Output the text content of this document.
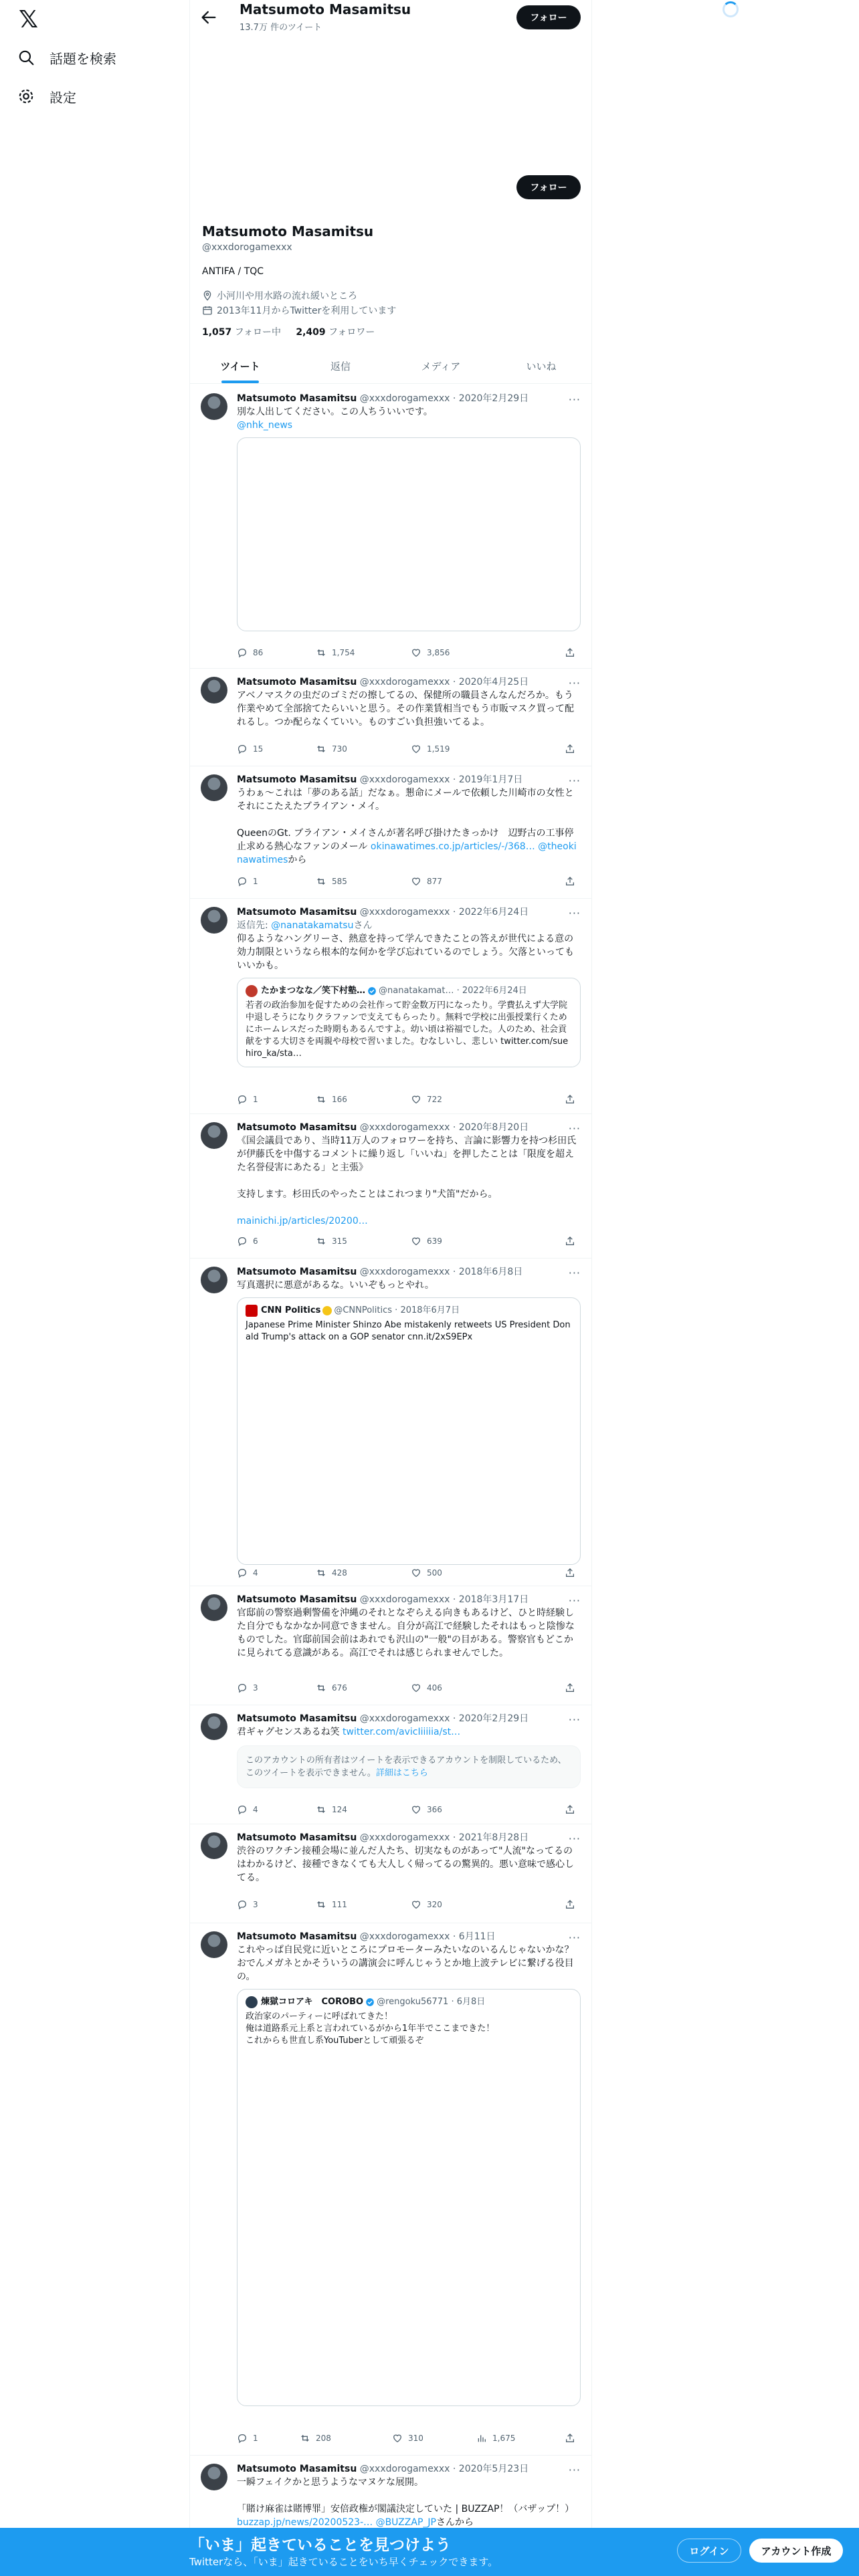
𝕏
話題を検索
設定
Matsumoto Masamitsu
13.7万 件のツイート
フォロー
フォロー
Matsumoto Masamitsu
@xxxdorogamexxx
ANTIFA / TQC
小河川や用水路の流れ緩いところ
2013年11月からTwitterを利用しています
1,057 フォロー中 2,409 フォロワー
ツイート	返信	メディア	いいね
···
Matsumoto Masamitsu @xxxdorogamexxx · 2020年2月29日
別な人出してください。この人ちういいです。
@nhk_news
86	1,754	3,856
···
Matsumoto Masamitsu @xxxdorogamexxx · 2020年4月25日
アベノマスクの虫だのゴミだの擦してるの、保健所の職員さんなんだろか。もう作業やめて全部捨てたらいいと思う。その作業賃相当でもう市販マスク買って配れるし。つか配らなくていい。ものすごい負担強いてるよ。
15	730	1,519
···
Matsumoto Masamitsu @xxxdorogamexxx · 2019年1月7日
うわぁ〜これは「夢のある話」だなぁ。懇命にメールで依頼した川崎市の女性とそれにこたえたブライアン・メイ。

QueenのGt. ブライアン・メイさんが著名呼び掛けたきっかけ　辺野古の工事停止求める熱心なファンのメール okinawatimes.co.jp/articles/-/368… @theokinawatimesから
1	585	877
···
Matsumoto Masamitsu @xxxdorogamexxx · 2022年6月24日
返信先: @nanatakamatsuさん
仰るようなハングリーさ、熱意を持って学んできたことの答えが世代による意の効力制限というなら根本的な何かを学び忘れているのでしょう。欠落といってもいいかも。
たかまつなな／笑下村塾… @nanatakamat… · 2022年6月24日
若者の政治参加を促すための会社作って貯金数万円になったり。学費払えず大学院中退しそうになりクラファンで支えてもらったり。無料で学校に出張授業行くためにホームレスだった時期もあるんですよ。幼い頃は裕福でした。人のため、社会貢献をする大切さを両親や母校で習いました。むなしいし、悲しい twitter.com/suehiro_ka/sta…
1	166	722
···
Matsumoto Masamitsu @xxxdorogamexxx · 2020年8月20日
《国会議員であり、当時11万人のフォロワーを持ち、言論に影響力を持つ杉田氏が伊藤氏を中傷するコメントに繰り返し「いいね」を押したことは「限度を超えた名誉侵害にあたる」と主張》

支持します。杉田氏のやったことはこれつまり"犬笛"だから。
mainichi.jp/articles/20200…
6	315	639
···
Matsumoto Masamitsu @xxxdorogamexxx · 2018年6月8日
写真選択に悪意があるな。いいぞもっとやれ。
CNN Politics @CNNPolitics · 2018年6月7日
Japanese Prime Minister Shinzo Abe mistakenly retweets US President Donald Trump's attack on a GOP senator cnn.it/2xS9EPx
4	428	500
···
Matsumoto Masamitsu @xxxdorogamexxx · 2018年3月17日
官邸前の警察過剰警備を沖縄のそれとなぞらえる向きもあるけど、ひと時経験した自分でもなかなか同意できません。自分が高江で経験したそれはもっと陰惨なものでした。官邸前国会前はあれでも沢山の"一般"の目がある。警察官もどこかに見られてる意識がある。高江でそれは感じられませんでした。
3	676	406
···
Matsumoto Masamitsu @xxxdorogamexxx · 2020年2月29日
君ギャグセンスあるね笑 twitter.com/avicIiiiiia/st…
このアカウントの所有者はツイートを表示できるアカウントを制限しているため、このツイートを表示できません。詳細はこちら
4	124	366
···
Matsumoto Masamitsu @xxxdorogamexxx · 2021年8月28日
渋谷のワクチン接種会場に並んだ人たち、切実なものがあって"人流"なってるのはわかるけど、接種できなくても大人しく帰ってるの驚異的。悪い意味で感心してる。
3	111	320
···
Matsumoto Masamitsu @xxxdorogamexxx · 6月11日
これやっぱ自民党に近いところにプロモーターみたいなのいるんじゃないかな？
おでんメガネとかそういうの講演会に呼んじゃうとか地上波テレビに繋げる役目の。
煉獄コロアキ　COROBO @rengoku56771 · 6月8日
政治家のパーティーに呼ばれてきた！
俺は道路系元上系と言われているがから1年半でここまできた！
これからも世直し系YouTuberとして頑張るぞ
1	208	310	1,675
···
Matsumoto Masamitsu @xxxdorogamexxx · 2020年5月23日
一瞬フェイクかと思うようなマヌケな展開。

「賭け麻雀は賭博罪」安倍政権が閣議決定していた | BUZZAP！（バザップ！） buzzap.jp/news/20200523-… @BUZZAP_JPさんから
「いま」起きていることを見つけよう
Twitterなら、「いま」起きていることをいち早くチェックできます。
ログイン	アカウント作成
